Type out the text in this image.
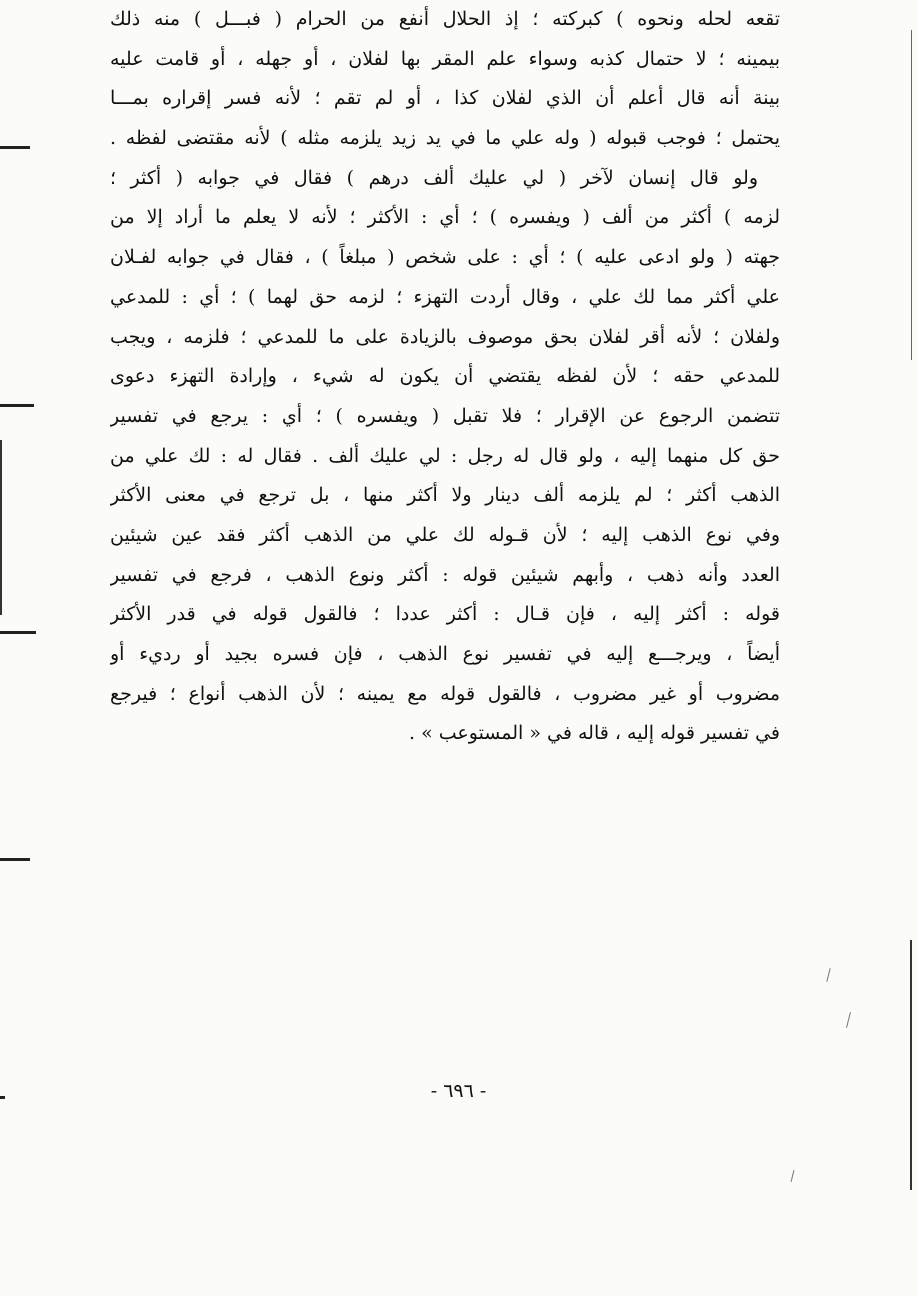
تقعه لحله ونحوه ) كبركته ؛ إذ الحلال أنفع من الحرام ( فبـــل ) منه ذلك
بيمينه ؛ لا حتمال كذبه وسواء علم المقر بها لفلان ، أو جهله ، أو قامت عليه
بينة أنه قال أعلم أن الذي لفلان كذا ، أو لم تقم ؛ لأنه فسر إقراره بمـــا
يحتمل ؛ فوجب قبوله ( وله علي ما في يد زيد يلزمه مثله ) لأنه مقتضى لفظه .
ولو قال إنسان لآخر ( لي عليك ألف درهم ) فقال في جوابه ( أكثر ؛
لزمه ) أكثر من ألف ( ويفسره ) ؛ أي : الأكثر ؛ لأنه لا يعلم ما أراد إلا من
جهته ( ولو ادعى عليه ) ؛ أي : على شخص ( مبلغاً ) ، فقال في جوابه لفـلان
علي أكثر مما لك علي ، وقال أردت التهزء ؛ لزمه حق لهما ) ؛ أي : للمدعي
ولفلان ؛ لأنه أقر لفلان بحق موصوف بالزيادة على ما للمدعي ؛ فلزمه ، ويجب
للمدعي حقه ؛ لأن لفظه يقتضي أن يكون له شيء ، وإرادة التهزء دعوى
تتضمن الرجوع عن الإقرار ؛ فلا تقبل ( ويفسره ) ؛ أي : يرجع في تفسير
حق كل منهما إليه ، ولو قال له رجل : لي عليك ألف . فقال له : لك علي من
الذهب أكثر ؛ لم يلزمه ألف دينار ولا أكثر منها ، بل ترجع في معنى الأكثر
وفي نوع الذهب إليه ؛ لأن قـوله لك علي من الذهب أكثر فقد عين شيئين
العدد وأنه ذهب ، وأبهم شيئين قوله : أكثر ونوع الذهب ، فرجع في تفسير
قوله : أكثر إليه ، فإن قـال : أكثر عددا ؛ فالقول قوله في قدر الأكثر
أيضاً ، ويرجـــع إليه في تفسير نوع الذهب ، فإن فسره بجيد أو رديء أو
مضروب أو غير مضروب ، فالقول قوله مع يمينه ؛ لأن الذهب أنواع ؛ فيرجع
في تفسير قوله إليه ، قاله في « المستوعب » .
- ٦٩٦ -
